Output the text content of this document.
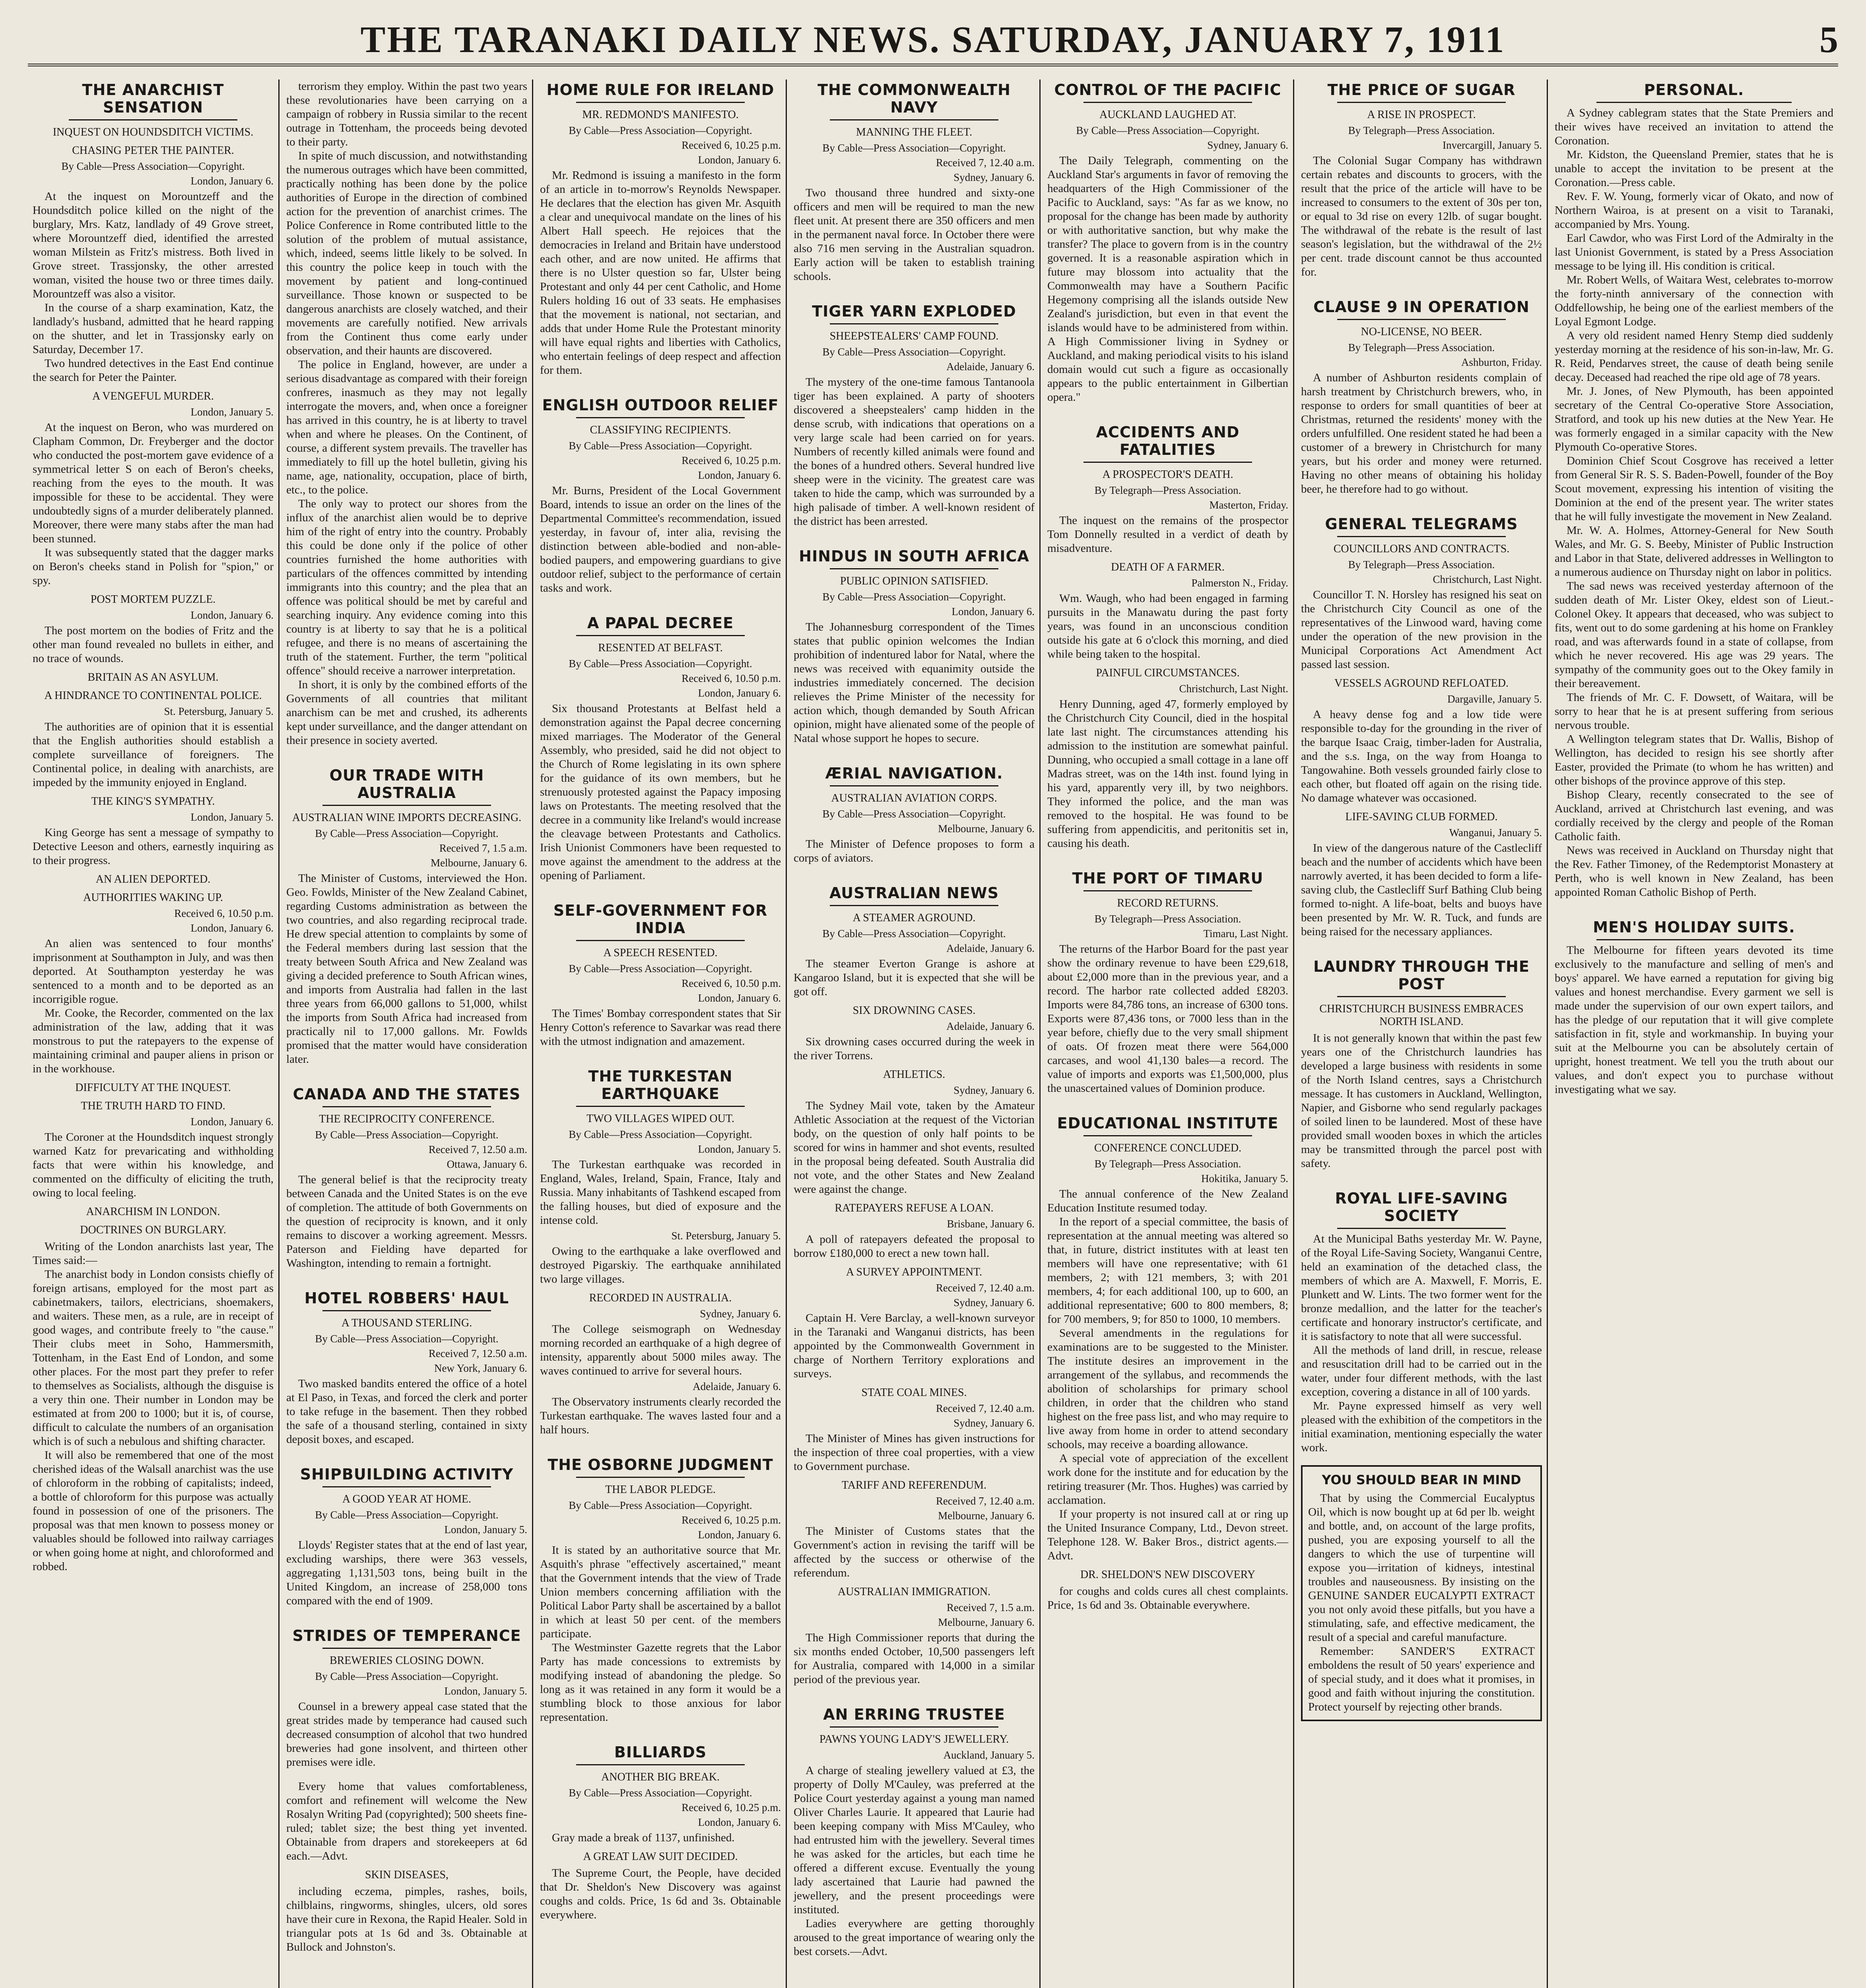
THE TARANAKI DAILY NEWS. SATURDAY, JANUARY 7, 1911	5
THE ANARCHIST SENSATION
INQUEST ON HOUNDSDITCH VICTIMS.
CHASING PETER THE PAINTER.
By Cable—Press Association—Copyright.
London, January 6.

At the inquest on Morountzeff and the Houndsditch police killed on the night of the burglary, Mrs. Katz, landlady of 49 Grove street, where Morountzeff died, identified the arrested woman Milstein as Fritz's mistress. Both lived in Grove street. Trassjonsky, the other arrested woman, visited the house two or three times daily. Morountzeff was also a visitor.

In the course of a sharp examination, Katz, the landlady's husband, admitted that he heard rapping on the shutter, and let in Trassjonsky early on Saturday, December 17.

Two hundred detectives in the East End continue the search for Peter the Painter.

A VENGEFUL MURDER.
London, January 5.

At the inquest on Beron, who was murdered on Clapham Common, Dr. Freyberger and the doctor who conducted the post-mortem gave evidence of a symmetrical letter S on each of Beron's cheeks, reaching from the eyes to the mouth. It was impossible for these to be accidental. They were undoubtedly signs of a murder deliberately planned. Moreover, there were many stabs after the man had been stunned.

It was subsequently stated that the dagger marks on Beron's cheeks stand in Polish for "spion," or spy.

POST MORTEM PUZZLE.
London, January 6.

The post mortem on the bodies of Fritz and the other man found revealed no bullets in either, and no trace of wounds.

BRITAIN AS AN ASYLUM.
A HINDRANCE TO CONTINENTAL POLICE.
St. Petersburg, January 5.

The authorities are of opinion that it is essential that the English authorities should establish a complete surveillance of foreigners. The Continental police, in dealing with anarchists, are impeded by the immunity enjoyed in England.

THE KING'S SYMPATHY.
London, January 5.

King George has sent a message of sympathy to Detective Leeson and others, earnestly inquiring as to their progress.

AN ALIEN DEPORTED.
AUTHORITIES WAKING UP.
Received 6, 10.50 p.m.
London, January 6.

An alien was sentenced to four months' imprisonment at Southampton in July, and was then deported. At Southampton yesterday he was sentenced to a month and to be deported as an incorrigible rogue.

Mr. Cooke, the Recorder, commented on the lax administration of the law, adding that it was monstrous to put the ratepayers to the expense of maintaining criminal and pauper aliens in prison or in the workhouse.

DIFFICULTY AT THE INQUEST.
THE TRUTH HARD TO FIND.
London, January 6.

The Coroner at the Houndsditch inquest strongly warned Katz for prevaricating and withholding facts that were within his knowledge, and commented on the difficulty of eliciting the truth, owing to local feeling.

ANARCHISM IN LONDON.
DOCTRINES ON BURGLARY.

Writing of the London anarchists last year, The Times said:—

The anarchist body in London consists chiefly of foreign artisans, employed for the most part as cabinetmakers, tailors, electricians, shoemakers, and waiters. These men, as a rule, are in receipt of good wages, and contribute freely to "the cause." Their clubs meet in Soho, Hammersmith, Tottenham, in the East End of London, and some other places. For the most part they prefer to refer to themselves as Socialists, although the disguise is a very thin one. Their number in London may be estimated at from 200 to 1000; but it is, of course, difficult to calculate the numbers of an organisation which is of such a nebulous and shifting character.

It will also be remembered that one of the most cherished ideas of the Walsall anarchist was the use of chloroform in the robbing of capitalists; indeed, a bottle of chloroform for this purpose was actually found in possession of one of the prisoners. The proposal was that men known to possess money or valuables should be followed into railway carriages or when going home at night, and chloroformed and robbed.

terrorism they employ. Within the past two years these revolutionaries have been carrying on a campaign of robbery in Russia similar to the recent outrage in Tottenham, the proceeds being devoted to their party.

In spite of much discussion, and notwithstanding the numerous outrages which have been committed, practically nothing has been done by the police authorities of Europe in the direction of combined action for the prevention of anarchist crimes. The Police Conference in Rome contributed little to the solution of the problem of mutual assistance, which, indeed, seems little likely to be solved. In this country the police keep in touch with the movement by patient and long-continued surveillance. Those known or suspected to be dangerous anarchists are closely watched, and their movements are carefully notified. New arrivals from the Continent thus come early under observation, and their haunts are discovered.

The police in England, however, are under a serious disadvantage as compared with their foreign confreres, inasmuch as they may not legally interrogate the movers, and, when once a foreigner has arrived in this country, he is at liberty to travel when and where he pleases. On the Continent, of course, a different system prevails. The traveller has immediately to fill up the hotel bulletin, giving his name, age, nationality, occupation, place of birth, etc., to the police.

The only way to protect our shores from the influx of the anarchist alien would be to deprive him of the right of entry into the country. Probably this could be done only if the police of other countries furnished the home authorities with particulars of the offences committed by intending immigrants into this country; and the plea that an offence was political should be met by careful and searching inquiry. Any evidence coming into this country is at liberty to say that he is a political refugee, and there is no means of ascertaining the truth of the statement. Further, the term "political offence" should receive a narrower interpretation.

In short, it is only by the combined efforts of the Governments of all countries that militant anarchism can be met and crushed, its adherents kept under surveillance, and the danger attendant on their presence in society averted.

OUR TRADE WITH AUSTRALIA
AUSTRALIAN WINE IMPORTS DECREASING.
By Cable—Press Association—Copyright.
Received 7, 1.5 a.m.
Melbourne, January 6.

The Minister of Customs, interviewed the Hon. Geo. Fowlds, Minister of the New Zealand Cabinet, regarding Customs administration as between the two countries, and also regarding reciprocal trade. He drew special attention to complaints by some of the Federal members during last session that the treaty between South Africa and New Zealand was giving a decided preference to South African wines, and imports from Australia had fallen in the last three years from 66,000 gallons to 51,000, whilst the imports from South Africa had increased from practically nil to 17,000 gallons. Mr. Fowlds promised that the matter would have consideration later.

CANADA AND THE STATES
THE RECIPROCITY CONFERENCE.
By Cable—Press Association—Copyright.
Received 7, 12.50 a.m.
Ottawa, January 6.

The general belief is that the reciprocity treaty between Canada and the United States is on the eve of completion. The attitude of both Governments on the question of reciprocity is known, and it only remains to discover a working agreement. Messrs. Paterson and Fielding have departed for Washington, intending to remain a fortnight.

HOTEL ROBBERS' HAUL
A THOUSAND STERLING.
By Cable—Press Association—Copyright.
Received 7, 12.50 a.m.
New York, January 6.

Two masked bandits entered the office of a hotel at El Paso, in Texas, and forced the clerk and porter to take refuge in the basement. Then they robbed the safe of a thousand sterling, contained in sixty deposit boxes, and escaped.

SHIPBUILDING ACTIVITY
A GOOD YEAR AT HOME.
By Cable—Press Association—Copyright.
London, January 5.

Lloyds' Register states that at the end of last year, excluding warships, there were 363 vessels, aggregating 1,131,503 tons, being built in the United Kingdom, an increase of 258,000 tons compared with the end of 1909.

STRIDES OF TEMPERANCE
BREWERIES CLOSING DOWN.
By Cable—Press Association—Copyright.
London, January 5.

Counsel in a brewery appeal case stated that the great strides made by temperance had caused such decreased consumption of alcohol that two hundred breweries had gone insolvent, and thirteen other premises were idle.

Every home that values comfortableness, comfort and refinement will welcome the New Rosalyn Writing Pad (copyrighted); 500 sheets fine-ruled; tablet size; the best thing yet invented. Obtainable from drapers and storekeepers at 6d each.—Advt.

SKIN DISEASES,

including eczema, pimples, rashes, boils, chilblains, ringworms, shingles, ulcers, old sores have their cure in Rexona, the Rapid Healer. Sold in triangular pots at 1s 6d and 3s. Obtainable at Bullock and Johnston's.

HOME RULE FOR IRELAND
MR. REDMOND'S MANIFESTO.
By Cable—Press Association—Copyright.
Received 6, 10.25 p.m.
London, January 6.

Mr. Redmond is issuing a manifesto in the form of an article in to-morrow's Reynolds Newspaper. He declares that the election has given Mr. Asquith a clear and unequivocal mandate on the lines of his Albert Hall speech. He rejoices that the democracies in Ireland and Britain have understood each other, and are now united. He affirms that there is no Ulster question so far, Ulster being Protestant and only 44 per cent Catholic, and Home Rulers holding 16 out of 33 seats. He emphasises that the movement is national, not sectarian, and adds that under Home Rule the Protestant minority will have equal rights and liberties with Catholics, who entertain feelings of deep respect and affection for them.

ENGLISH OUTDOOR RELIEF
CLASSIFYING RECIPIENTS.
By Cable—Press Association—Copyright.
Received 6, 10.25 p.m.
London, January 6.

Mr. Burns, President of the Local Government Board, intends to issue an order on the lines of the Departmental Committee's recommendation, issued yesterday, in favour of, inter alia, revising the distinction between able-bodied and non-able-bodied paupers, and empowering guardians to give outdoor relief, subject to the performance of certain tasks and work.

A PAPAL DECREE
RESENTED AT BELFAST.
By Cable—Press Association—Copyright.
Received 6, 10.50 p.m.
London, January 6.

Six thousand Protestants at Belfast held a demonstration against the Papal decree concerning mixed marriages. The Moderator of the General Assembly, who presided, said he did not object to the Church of Rome legislating in its own sphere for the guidance of its own members, but he strenuously protested against the Papacy imposing laws on Protestants. The meeting resolved that the decree in a community like Ireland's would increase the cleavage between Protestants and Catholics. Irish Unionist Commoners have been requested to move against the amendment to the address at the opening of Parliament.

SELF-GOVERNMENT FOR INDIA
A SPEECH RESENTED.
By Cable—Press Association—Copyright.
Received 6, 10.50 p.m.
London, January 6.

The Times' Bombay correspondent states that Sir Henry Cotton's reference to Savarkar was read there with the utmost indignation and amazement.

THE TURKESTAN EARTHQUAKE
TWO VILLAGES WIPED OUT.
By Cable—Press Association—Copyright.
London, January 5.

The Turkestan earthquake was recorded in England, Wales, Ireland, Spain, France, Italy and Russia. Many inhabitants of Tashkend escaped from the falling houses, but died of exposure and the intense cold.

St. Petersburg, January 5.

Owing to the earthquake a lake overflowed and destroyed Pigarskiy. The earthquake annihilated two large villages.

RECORDED IN AUSTRALIA.
Sydney, January 6.

The College seismograph on Wednesday morning recorded an earthquake of a high degree of intensity, apparently about 5000 miles away. The waves continued to arrive for several hours.

Adelaide, January 6.

The Observatory instruments clearly recorded the Turkestan earthquake. The waves lasted four and a half hours.

THE OSBORNE JUDGMENT
THE LABOR PLEDGE.
By Cable—Press Association—Copyright.
Received 6, 10.25 p.m.
London, January 6.

It is stated by an authoritative source that Mr. Asquith's phrase "effectively ascertained," meant that the Government intends that the view of Trade Union members concerning affiliation with the Political Labor Party shall be ascertained by a ballot in which at least 50 per cent. of the members participate.

The Westminster Gazette regrets that the Labor Party has made concessions to extremists by modifying instead of abandoning the pledge. So long as it was retained in any form it would be a stumbling block to those anxious for labor representation.

BILLIARDS
ANOTHER BIG BREAK.
By Cable—Press Association—Copyright.
Received 6, 10.25 p.m.
London, January 6.

Gray made a break of 1137, unfinished.

A GREAT LAW SUIT DECIDED.

The Supreme Court, the People, have decided that Dr. Sheldon's New Discovery was against coughs and colds. Price, 1s 6d and 3s. Obtainable everywhere.

THE COMMONWEALTH NAVY
MANNING THE FLEET.
By Cable—Press Association—Copyright.
Received 7, 12.40 a.m.
Sydney, January 6.

Two thousand three hundred and sixty-one officers and men will be required to man the new fleet unit. At present there are 350 officers and men in the permanent naval force. In October there were also 716 men serving in the Australian squadron. Early action will be taken to establish training schools.

TIGER YARN EXPLODED
SHEEPSTEALERS' CAMP FOUND.
By Cable—Press Association—Copyright.
Adelaide, January 6.

The mystery of the one-time famous Tantanoola tiger has been explained. A party of shooters discovered a sheepstealers' camp hidden in the dense scrub, with indications that operations on a very large scale had been carried on for years. Numbers of recently killed animals were found and the bones of a hundred others. Several hundred live sheep were in the vicinity. The greatest care was taken to hide the camp, which was surrounded by a high palisade of timber. A well-known resident of the district has been arrested.

HINDUS IN SOUTH AFRICA
PUBLIC OPINION SATISFIED.
By Cable—Press Association—Copyright.
London, January 6.

The Johannesburg correspondent of the Times states that public opinion welcomes the Indian prohibition of indentured labor for Natal, where the news was received with equanimity outside the industries immediately concerned. The decision relieves the Prime Minister of the necessity for action which, though demanded by South African opinion, might have alienated some of the people of Natal whose support he hopes to secure.

ÆRIAL NAVIGATION.
AUSTRALIAN AVIATION CORPS.
By Cable—Press Association—Copyright.
Melbourne, January 6.

The Minister of Defence proposes to form a corps of aviators.

AUSTRALIAN NEWS
A STEAMER AGROUND.
By Cable—Press Association—Copyright.
Adelaide, January 6.

The steamer Everton Grange is ashore at Kangaroo Island, but it is expected that she will be got off.

SIX DROWNING CASES.
Adelaide, January 6.

Six drowning cases occurred during the week in the river Torrens.

ATHLETICS.
Sydney, January 6.

The Sydney Mail vote, taken by the Amateur Athletic Association at the request of the Victorian body, on the question of only half points to be scored for wins in hammer and shot events, resulted in the proposal being defeated. South Australia did not vote, and the other States and New Zealand were against the change.

RATEPAYERS REFUSE A LOAN.
Brisbane, January 6.

A poll of ratepayers defeated the proposal to borrow £180,000 to erect a new town hall.

A SURVEY APPOINTMENT.
Received 7, 12.40 a.m.
Sydney, January 6.

Captain H. Vere Barclay, a well-known surveyor in the Taranaki and Wanganui districts, has been appointed by the Commonwealth Government in charge of Northern Territory explorations and surveys.

STATE COAL MINES.
Received 7, 12.40 a.m.
Sydney, January 6.

The Minister of Mines has given instructions for the inspection of three coal properties, with a view to Government purchase.

TARIFF AND REFERENDUM.
Received 7, 12.40 a.m.
Melbourne, January 6.

The Minister of Customs states that the Government's action in revising the tariff will be affected by the success or otherwise of the referendum.

AUSTRALIAN IMMIGRATION.
Received 7, 1.5 a.m.
Melbourne, January 6.

The High Commissioner reports that during the six months ended October, 10,500 passengers left for Australia, compared with 14,000 in a similar period of the previous year.

AN ERRING TRUSTEE
PAWNS YOUNG LADY'S JEWELLERY.
Auckland, January 5.

A charge of stealing jewellery valued at £3, the property of Dolly M'Cauley, was preferred at the Police Court yesterday against a young man named Oliver Charles Laurie. It appeared that Laurie had been keeping company with Miss M'Cauley, who had entrusted him with the jewellery. Several times he was asked for the articles, but each time he offered a different excuse. Eventually the young lady ascertained that Laurie had pawned the jewellery, and the present proceedings were instituted.

Ladies everywhere are getting thoroughly aroused to the great importance of wearing only the best corsets.—Advt.

CONTROL OF THE PACIFIC
AUCKLAND LAUGHED AT.
By Cable—Press Association—Copyright.
Sydney, January 6.

The Daily Telegraph, commenting on the Auckland Star's arguments in favor of removing the headquarters of the High Commissioner of the Pacific to Auckland, says: "As far as we know, no proposal for the change has been made by authority or with authoritative sanction, but why make the transfer? The place to govern from is in the country governed. It is a reasonable aspiration which in future may blossom into actuality that the Commonwealth may have a Southern Pacific Hegemony comprising all the islands outside New Zealand's jurisdiction, but even in that event the islands would have to be administered from within. A High Commissioner living in Sydney or Auckland, and making periodical visits to his island domain would cut such a figure as occasionally appears to the public entertainment in Gilbertian opera."

ACCIDENTS AND FATALITIES
A PROSPECTOR'S DEATH.
By Telegraph—Press Association.
Masterton, Friday.

The inquest on the remains of the prospector Tom Donnelly resulted in a verdict of death by misadventure.

DEATH OF A FARMER.
Palmerston N., Friday.

Wm. Waugh, who had been engaged in farming pursuits in the Manawatu during the past forty years, was found in an unconscious condition outside his gate at 6 o'clock this morning, and died while being taken to the hospital.

PAINFUL CIRCUMSTANCES.
Christchurch, Last Night.

Henry Dunning, aged 47, formerly employed by the Christchurch City Council, died in the hospital late last night. The circumstances attending his admission to the institution are somewhat painful. Dunning, who occupied a small cottage in a lane off Madras street, was on the 14th inst. found lying in his yard, apparently very ill, by two neighbors. They informed the police, and the man was removed to the hospital. He was found to be suffering from appendicitis, and peritonitis set in, causing his death.

THE PORT OF TIMARU
RECORD RETURNS.
By Telegraph—Press Association.
Timaru, Last Night.

The returns of the Harbor Board for the past year show the ordinary revenue to have been £29,618, about £2,000 more than in the previous year, and a record. The harbor rate collected added £8203. Imports were 84,786 tons, an increase of 6300 tons. Exports were 87,436 tons, or 7000 less than in the year before, chiefly due to the very small shipment of oats. Of frozen meat there were 564,000 carcases, and wool 41,130 bales—a record. The value of imports and exports was £1,500,000, plus the unascertained values of Dominion produce.

EDUCATIONAL INSTITUTE
CONFERENCE CONCLUDED.
By Telegraph—Press Association.
Hokitika, January 5.

The annual conference of the New Zealand Education Institute resumed today.

In the report of a special committee, the basis of representation at the annual meeting was altered so that, in future, district institutes with at least ten members will have one representative; with 61 members, 2; with 121 members, 3; with 201 members, 4; for each additional 100, up to 600, an additional representative; 600 to 800 members, 8; for 700 members, 9; for 850 to 1000, 10 members.

Several amendments in the regulations for examinations are to be suggested to the Minister. The institute desires an improvement in the arrangement of the syllabus, and recommends the abolition of scholarships for primary school children, in order that the children who stand highest on the free pass list, and who may require to live away from home in order to attend secondary schools, may receive a boarding allowance.

A special vote of appreciation of the excellent work done for the institute and for education by the retiring treasurer (Mr. Thos. Hughes) was carried by acclamation.

If your property is not insured call at or ring up the United Insurance Company, Ltd., Devon street. Telephone 128. W. Baker Bros., district agents.—Advt.

DR. SHELDON'S NEW DISCOVERY

for coughs and colds cures all chest complaints. Price, 1s 6d and 3s. Obtainable everywhere.

THE PRICE OF SUGAR
A RISE IN PROSPECT.
By Telegraph—Press Association.
Invercargill, January 5.

The Colonial Sugar Company has withdrawn certain rebates and discounts to grocers, with the result that the price of the article will have to be increased to consumers to the extent of 30s per ton, or equal to 3d rise on every 12lb. of sugar bought. The withdrawal of the rebate is the result of last season's legislation, but the withdrawal of the 2½ per cent. trade discount cannot be thus accounted for.

CLAUSE 9 IN OPERATION
NO-LICENSE, NO BEER.
By Telegraph—Press Association.
Ashburton, Friday.

A number of Ashburton residents complain of harsh treatment by Christchurch brewers, who, in response to orders for small quantities of beer at Christmas, returned the residents' money with the orders unfulfilled. One resident stated he had been a customer of a brewery in Christchurch for many years, but his order and money were returned. Having no other means of obtaining his holiday beer, he therefore had to go without.

GENERAL TELEGRAMS
COUNCILLORS AND CONTRACTS.
By Telegraph—Press Association.
Christchurch, Last Night.

Councillor T. N. Horsley has resigned his seat on the Christchurch City Council as one of the representatives of the Linwood ward, having come under the operation of the new provision in the Municipal Corporations Act Amendment Act passed last session.

VESSELS AGROUND REFLOATED.
Dargaville, January 5.

A heavy dense fog and a low tide were responsible to-day for the grounding in the river of the barque Isaac Craig, timber-laden for Australia, and the s.s. Inga, on the way from Hoanga to Tangowahine. Both vessels grounded fairly close to each other, but floated off again on the rising tide. No damage whatever was occasioned.

LIFE-SAVING CLUB FORMED.
Wanganui, January 5.

In view of the dangerous nature of the Castlecliff beach and the number of accidents which have been narrowly averted, it has been decided to form a life-saving club, the Castlecliff Surf Bathing Club being formed to-night. A life-boat, belts and buoys have been presented by Mr. W. R. Tuck, and funds are being raised for the necessary appliances.

LAUNDRY THROUGH THE POST
CHRISTCHURCH BUSINESS EMBRACES NORTH ISLAND.

It is not generally known that within the past few years one of the Christchurch laundries has developed a large business with residents in some of the North Island centres, says a Christchurch message. It has customers in Auckland, Wellington, Napier, and Gisborne who send regularly packages of soiled linen to be laundered. Most of these have provided small wooden boxes in which the articles may be transmitted through the parcel post with safety.

ROYAL LIFE-SAVING SOCIETY

At the Municipal Baths yesterday Mr. W. Payne, of the Royal Life-Saving Society, Wanganui Centre, held an examination of the detached class, the members of which are A. Maxwell, F. Morris, E. Plunkett and W. Lints. The two former went for the bronze medallion, and the latter for the teacher's certificate and honorary instructor's certificate, and it is satisfactory to note that all were successful.

All the methods of land drill, in rescue, release and resuscitation drill had to be carried out in the water, under four different methods, with the last exception, covering a distance in all of 100 yards.

Mr. Payne expressed himself as very well pleased with the exhibition of the competitors in the initial examination, mentioning especially the water work.

YOU SHOULD BEAR IN MIND

That by using the Commercial Eucalyptus Oil, which is now bought up at 6d per lb. weight and bottle, and, on account of the large profits, pushed, you are exposing yourself to all the dangers to which the use of turpentine will expose you—irritation of kidneys, intestinal troubles and nauseousness. By insisting on the GENUINE SANDER EUCALYPTI EXTRACT you not only avoid these pitfalls, but you have a stimulating, safe, and effective medicament, the result of a special and careful manufacture.

Remember: SANDER'S EXTRACT emboldens the result of 50 years' experience and of special study, and it does what it promises, in good and faith without injuring the constitution. Protect yourself by rejecting other brands.

PERSONAL.

A Sydney cablegram states that the State Premiers and their wives have received an invitation to attend the Coronation.

Mr. Kidston, the Queensland Premier, states that he is unable to accept the invitation to be present at the Coronation.—Press cable.

Rev. F. W. Young, formerly vicar of Okato, and now of Northern Wairoa, is at present on a visit to Taranaki, accompanied by Mrs. Young.

Earl Cawdor, who was First Lord of the Admiralty in the last Unionist Government, is stated by a Press Association message to be lying ill. His condition is critical.

Mr. Robert Wells, of Waitara West, celebrates to-morrow the forty-ninth anniversary of the connection with Oddfellowship, he being one of the earliest members of the Loyal Egmont Lodge.

A very old resident named Henry Stemp died suddenly yesterday morning at the residence of his son-in-law, Mr. G. R. Reid, Pendarves street, the cause of death being senile decay. Deceased had reached the ripe old age of 78 years.

Mr. J. Jones, of New Plymouth, has been appointed secretary of the Central Co-operative Store Association, Stratford, and took up his new duties at the New Year. He was formerly engaged in a similar capacity with the New Plymouth Co-operative Stores.

Dominion Chief Scout Cosgrove has received a letter from General Sir R. S. S. Baden-Powell, founder of the Boy Scout movement, expressing his intention of visiting the Dominion at the end of the present year. The writer states that he will fully investigate the movement in New Zealand.

Mr. W. A. Holmes, Attorney-General for New South Wales, and Mr. G. S. Beeby, Minister of Public Instruction and Labor in that State, delivered addresses in Wellington to a numerous audience on Thursday night on labor in politics.

The sad news was received yesterday afternoon of the sudden death of Mr. Lister Okey, eldest son of Lieut.-Colonel Okey. It appears that deceased, who was subject to fits, went out to do some gardening at his home on Frankley road, and was afterwards found in a state of collapse, from which he never recovered. His age was 29 years. The sympathy of the community goes out to the Okey family in their bereavement.

The friends of Mr. C. F. Dowsett, of Waitara, will be sorry to hear that he is at present suffering from serious nervous trouble.

A Wellington telegram states that Dr. Wallis, Bishop of Wellington, has decided to resign his see shortly after Easter, provided the Primate (to whom he has written) and other bishops of the province approve of this step.

Bishop Cleary, recently consecrated to the see of Auckland, arrived at Christchurch last evening, and was cordially received by the clergy and people of the Roman Catholic faith.

News was received in Auckland on Thursday night that the Rev. Father Timoney, of the Redemptorist Monastery at Perth, who is well known in New Zealand, has been appointed Roman Catholic Bishop of Perth.

MEN'S HOLIDAY SUITS.

The Melbourne for fifteen years devoted its time exclusively to the manufacture and selling of men's and boys' apparel. We have earned a reputation for giving big values and honest merchandise. Every garment we sell is made under the supervision of our own expert tailors, and has the pledge of our reputation that it will give complete satisfaction in fit, style and workmanship. In buying your suit at the Melbourne you can be absolutely certain of upright, honest treatment. We tell you the truth about our values, and don't expect you to purchase without investigating what we say.
